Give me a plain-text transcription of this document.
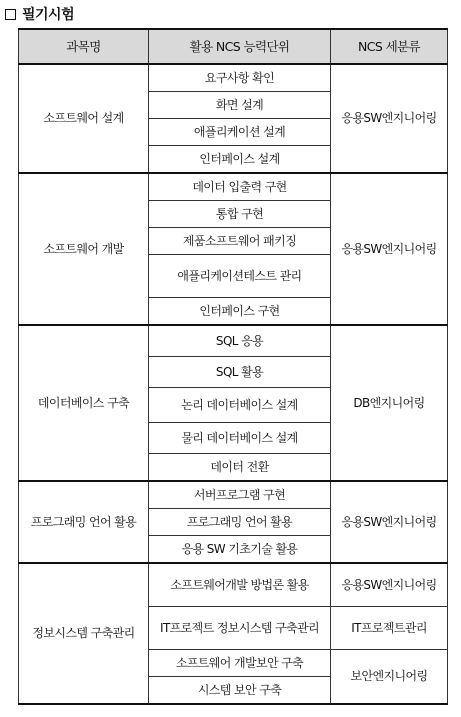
필기시험
과목명	활용 NCS 능력단위	NCS 세분류
소프트웨어 설계	요구사항 확인	응용SW엔지니어링
	화면 설계	
	애플리케이션 설계	
	인터페이스 설계	
소프트웨어 개발	데이터 입출력 구현	응용SW엔지니어링
	통합 구현	
	제품소프트웨어 패키징	
	애플리케이션테스트 관리	
	인터페이스 구현	
데이터베이스 구축	SQL 응용	DB엔지니어링
	SQL 활용	
	논리 데이터베이스 설계	
	물리 데이터베이스 설계	
	데이터 전환	
프로그래밍 언어 활용	서버프로그램 구현	응용SW엔지니어링
	프로그래밍 언어 활용	
	응용 SW 기초기술 활용	
정보시스템 구축관리	소프트웨어개발 방법론 활용	응용SW엔지니어링
	IT프로젝트 정보시스템 구축관리	IT프로젝트관리
	소프트웨어 개발보안 구축	보안엔지니어링
	시스템 보안 구축	
